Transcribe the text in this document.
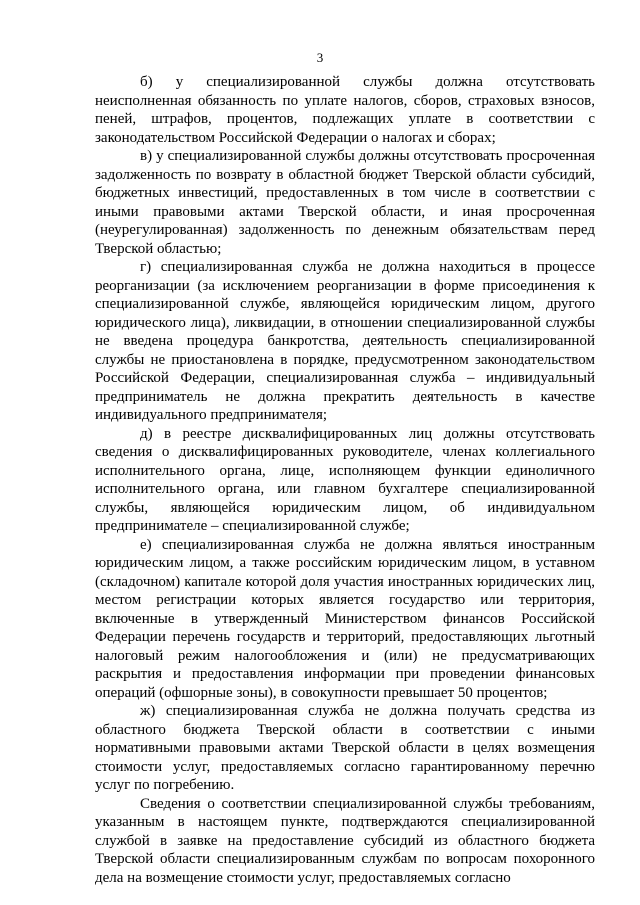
3

б) у специализированной службы должна отсутствовать неисполненная обязанность по уплате налогов, сборов, страховых взносов, пеней, штрафов, процентов, подлежащих уплате в соответствии с законодательством Российской Федерации о налогах и сборах;

в) у специализированной службы должны отсутствовать просроченная задолженность по возврату в областной бюджет Тверской области субсидий, бюджетных инвестиций, предоставленных в том числе в соответствии с иными правовыми актами Тверской области, и иная просроченная (неурегулированная) задолженность по денежным обязательствам перед Тверской областью;

г) специализированная служба не должна находиться в процессе реорганизации (за исключением реорганизации в форме присоединения к специализированной службе, являющейся юридическим лицом, другого юридического лица), ликвидации, в отношении специализированной службы не введена процедура банкротства, деятельность специализированной службы не приостановлена в порядке, предусмотренном законодательством Российской Федерации, специализированная служба – индивидуальный предприниматель не должна прекратить деятельность в качестве индивидуального предпринимателя;

д) в реестре дисквалифицированных лиц должны отсутствовать сведения о дисквалифицированных руководителе, членах коллегиального исполнительного органа, лице, исполняющем функции единоличного исполнительного органа, или главном бухгалтере специализированной службы, являющейся юридическим лицом, об индивидуальном предпринимателе – специализированной службе;

е) специализированная служба не должна являться иностранным юридическим лицом, а также российским юридическим лицом, в уставном (складочном) капитале которой доля участия иностранных юридических лиц, местом регистрации которых является государство или территория, включенные в утвержденный Министерством финансов Российской Федерации перечень государств и территорий, предоставляющих льготный налоговый режим налогообложения и (или) не предусматривающих раскрытия и предоставления информации при проведении финансовых операций (офшорные зоны), в совокупности превышает 50 процентов;

ж) специализированная служба не должна получать средства из областного бюджета Тверской области в соответствии с иными нормативными правовыми актами Тверской области в целях возмещения стоимости услуг, предоставляемых согласно гарантированному перечню услуг по погребению.

Сведения о соответствии специализированной службы требованиям, указанным в настоящем пункте, подтверждаются специализированной службой в заявке на предоставление субсидий из областного бюджета Тверской области специализированным службам по вопросам похоронного дела на возмещение стоимости услуг, предоставляемых согласно
